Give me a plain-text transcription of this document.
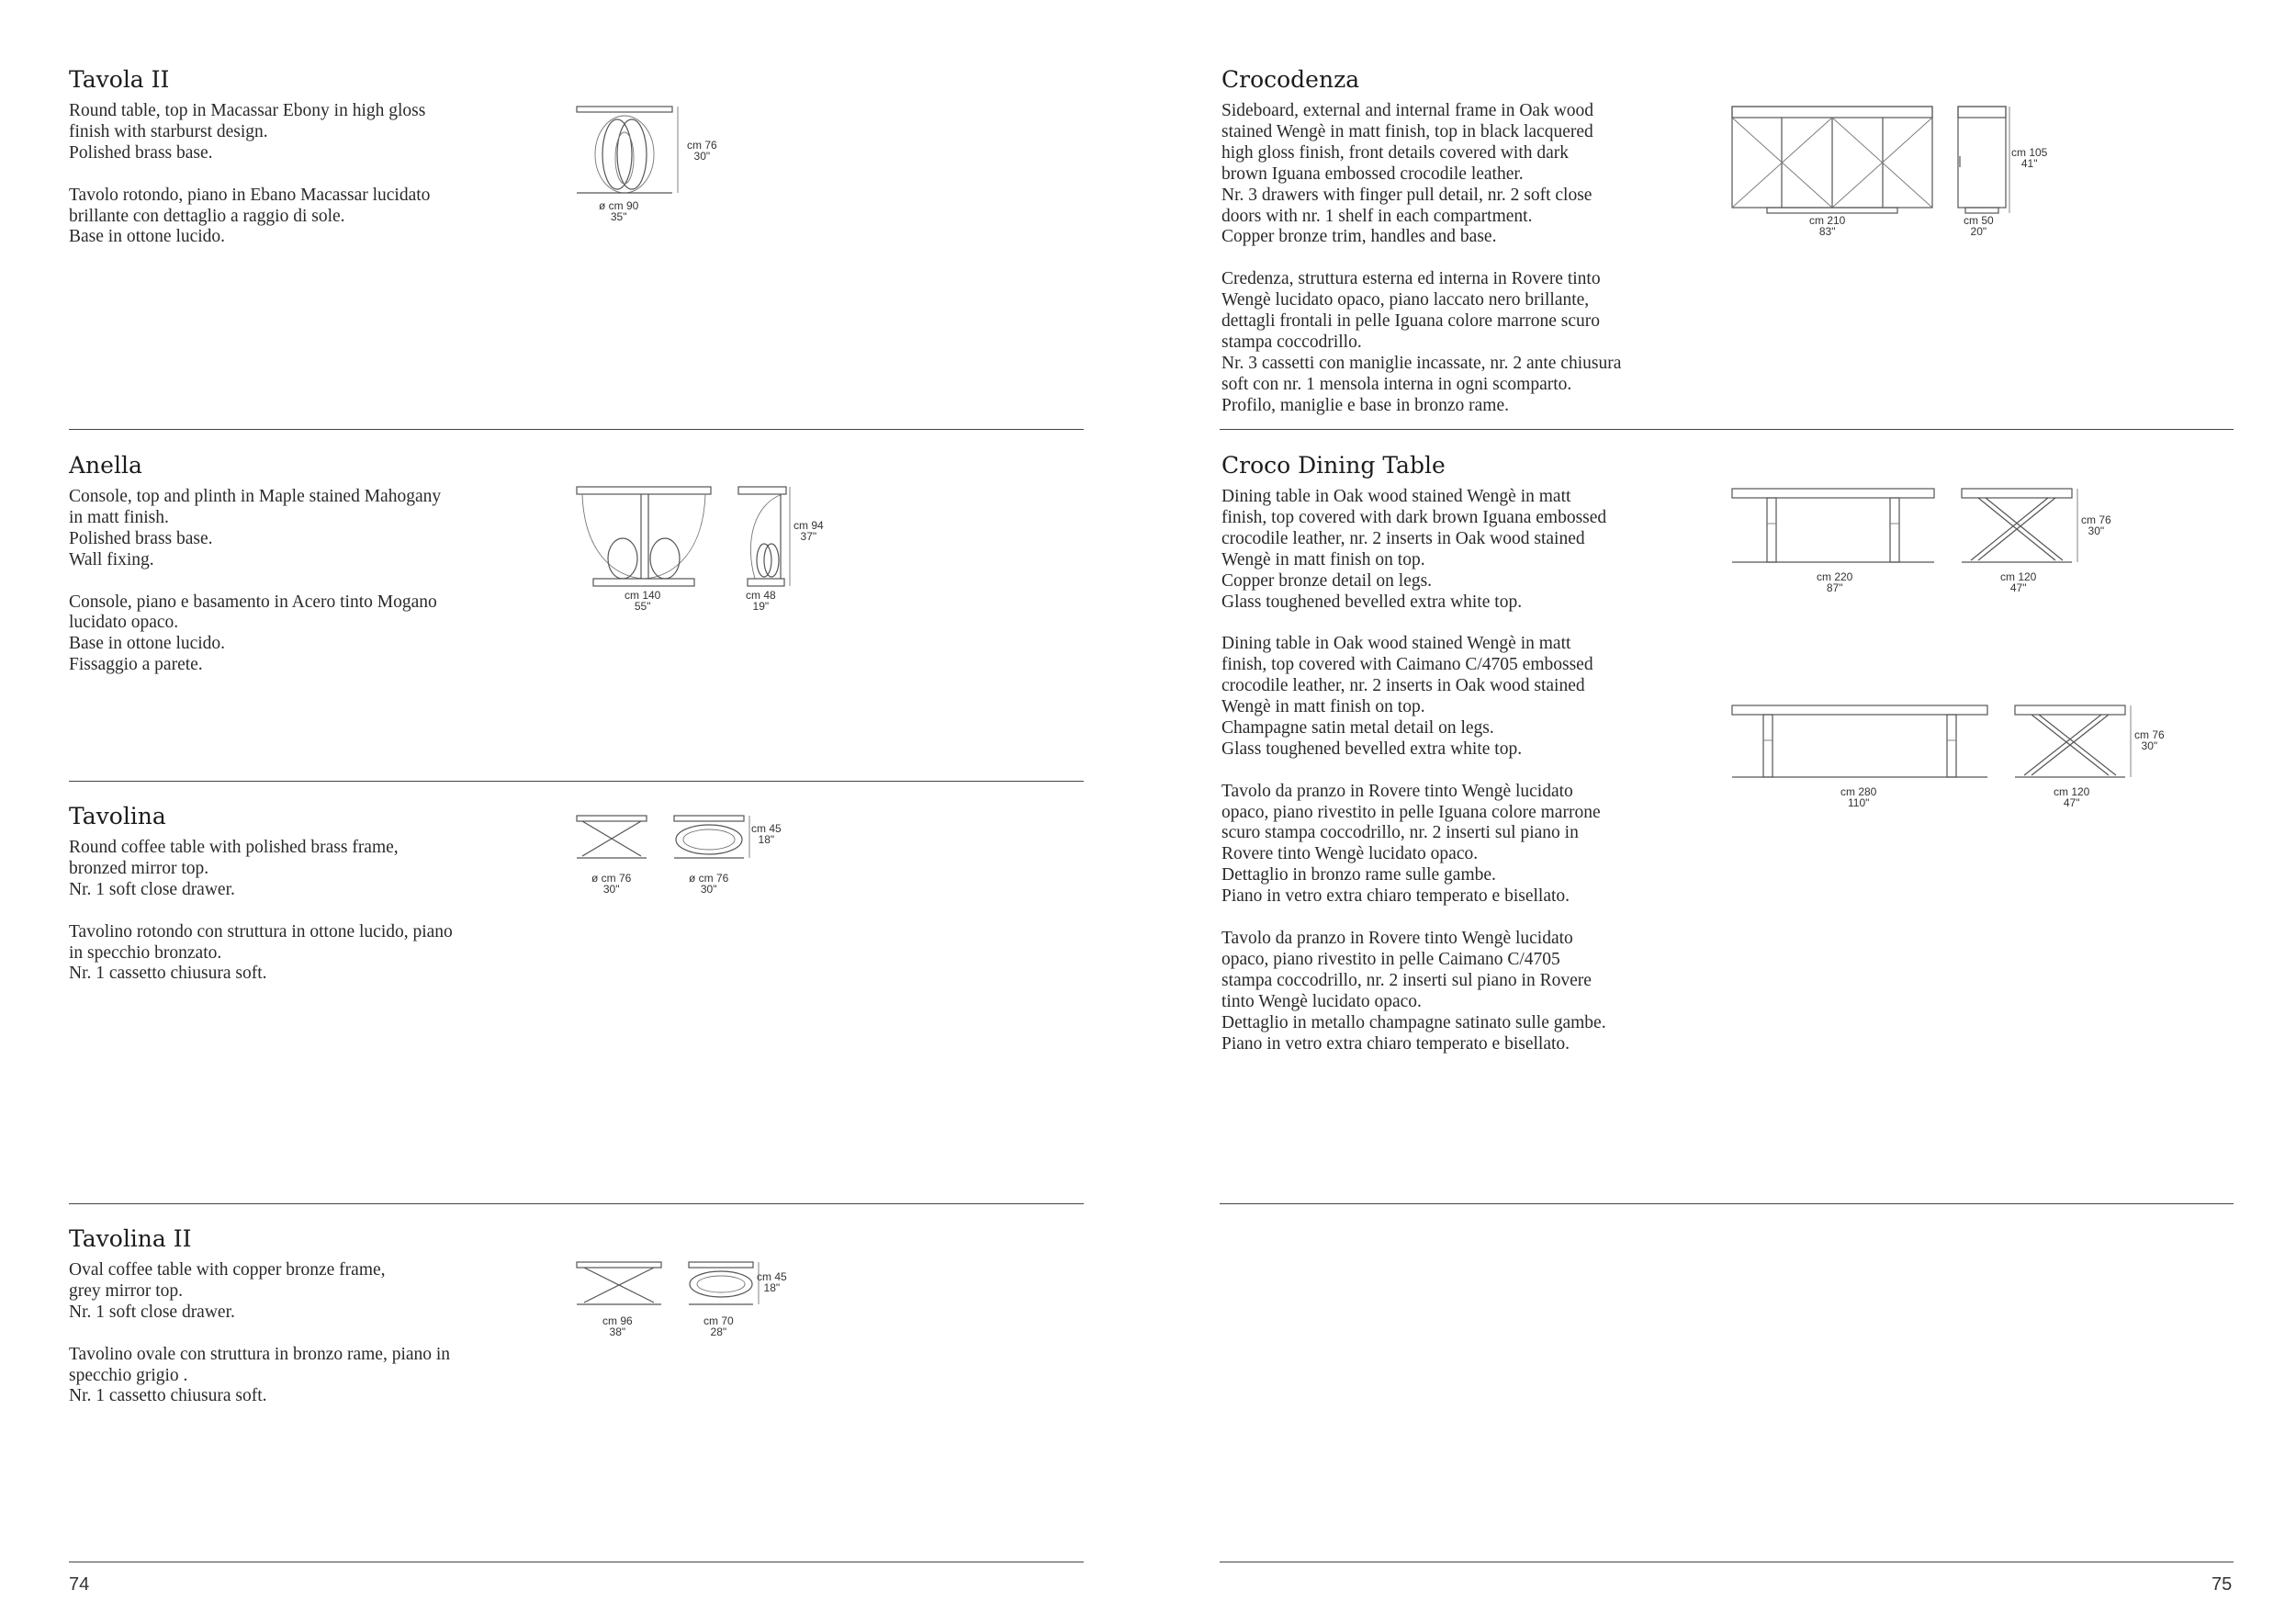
Tavola II

Round table, top in Macassar Ebony in high gloss
finish with starburst design.
Polished brass base.

Tavolo rotondo, piano in Ebano Macassar lucidato
brillante con dettaglio a raggio di sole.
Base in ottone lucido.

cm 76
30"
ø cm 90
35"
Anella

Console, top and plinth in Maple stained Mahogany
in matt finish.
Polished brass base.
Wall fixing.

Console, piano e basamento in Acero tinto Mogano
lucidato opaco.
Base in ottone lucido.
Fissaggio a parete.

cm 94
37"
cm 140
55"
cm 48
19"
Tavolina

Round coffee table with polished brass frame,
bronzed mirror top.
Nr. 1 soft close drawer.

Tavolino rotondo con struttura in ottone lucido, piano
in specchio bronzato.
Nr. 1 cassetto chiusura soft.

cm 45
18"
ø cm 76
30"
ø cm 76
30"
Tavolina II

Oval coffee table with copper bronze frame,
grey mirror top.
Nr. 1 soft close drawer.

Tavolino ovale con struttura in bronzo rame, piano in
specchio grigio .
Nr. 1 cassetto chiusura soft.

cm 45
18"
cm 96
38"
cm 70
28"
74
Crocodenza

Sideboard, external and internal frame in Oak wood
stained Wengè in matt finish, top in black lacquered
high gloss finish, front details covered with dark
brown Iguana embossed crocodile leather.
Nr. 3 drawers with finger pull detail, nr. 2 soft close
doors with nr. 1 shelf in each compartment.
Copper bronze trim, handles and base.

Credenza, struttura esterna ed interna in Rovere tinto
Wengè lucidato opaco, piano laccato nero brillante,
dettagli frontali in pelle Iguana colore marrone scuro
stampa coccodrillo.
Nr. 3 cassetti con maniglie incassate, nr. 2 ante chiusura
soft con nr. 1 mensola interna in ogni scomparto.
Profilo, maniglie e base in bronzo rame.

cm 105
41"
cm 210
83"
cm 50
20"
Croco Dining Table

Dining table in Oak wood stained Wengè in matt
finish, top covered with dark brown Iguana embossed
crocodile leather, nr. 2 inserts in Oak wood stained
Wengè in matt finish on top.
Copper bronze detail on legs.
Glass toughened bevelled extra white top.

Dining table in Oak wood stained Wengè in matt
finish, top covered with Caimano C/4705 embossed
crocodile leather, nr. 2 inserts in Oak wood stained
Wengè in matt finish on top.
Champagne satin metal detail on legs.
Glass toughened bevelled extra white top.

Tavolo da pranzo in Rovere tinto Wengè lucidato
opaco, piano rivestito in pelle Iguana colore marrone
scuro stampa coccodrillo, nr. 2 inserti sul piano in
Rovere tinto Wengè lucidato opaco.
Dettaglio in bronzo rame sulle gambe.
Piano in vetro extra chiaro temperato e bisellato.

Tavolo da pranzo in Rovere tinto Wengè lucidato
opaco, piano rivestito in pelle Caimano C/4705
stampa coccodrillo, nr. 2 inserti sul piano in Rovere
tinto Wengè lucidato opaco.
Dettaglio in metallo champagne satinato sulle gambe.
Piano in vetro extra chiaro temperato e bisellato.

cm 76
30"
cm 220
87"
cm 120
47"
cm 76
30"
cm 280
110"
cm 120
47"
75
